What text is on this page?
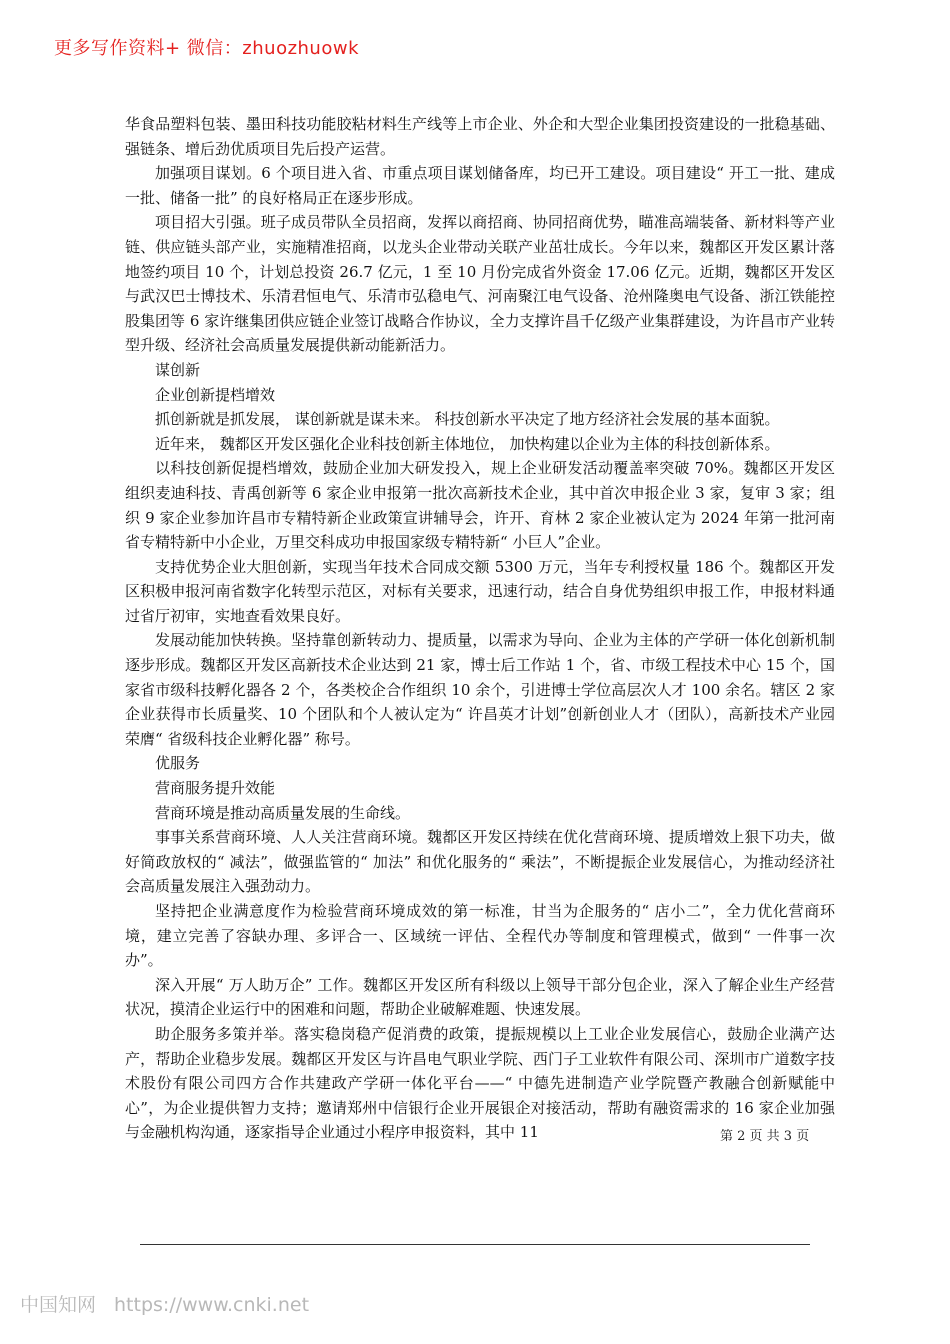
更多写作资料+ 微信：zhuozhuowk

华食品塑料包装、墨田科技功能胶粘材料生产线等上市企业、外企和大型企业集团投资建设的一批稳基础、强链条、增后劲优质项目先后投产运营。

加强项目谋划。6 个项目进入省、市重点项目谋划储备库，均已开工建设。项目建设“ 开工一批、建成一批、储备一批” 的良好格局正在逐步形成。

项目招大引强。班子成员带队全员招商，发挥以商招商、协同招商优势，瞄准高端装备、新材料等产业链、供应链头部产业，实施精准招商，以龙头企业带动关联产业茁壮成长。今年以来，魏都区开发区累计落地签约项目 10 个，计划总投资 26.7 亿元，1 至 10 月份完成省外资金 17.06 亿元。近期，魏都区开发区与武汉巴士博技术、乐清君恒电气、乐清市弘稳电气、河南聚江电气设备、沧州隆奥电气设备、浙江铁能控股集团等 6 家许继集团供应链企业签订战略合作协议，全力支撑许昌千亿级产业集群建设，为许昌市产业转型升级、经济社会高质量发展提供新动能新活力。

谋创新

企业创新提档增效

抓创新就是抓发展， 谋创新就是谋未来。 科技创新水平决定了地方经济社会发展的基本面貌。

近年来， 魏都区开发区强化企业科技创新主体地位， 加快构建以企业为主体的科技创新体系。

以科技创新促提档增效，鼓励企业加大研发投入，规上企业研发活动覆盖率突破 70%。魏都区开发区组织麦迪科技、青禹创新等 6 家企业申报第一批次高新技术企业，其中首次申报企业 3 家，复审 3 家；组织 9 家企业参加许昌市专精特新企业政策宣讲辅导会，许开、育林 2 家企业被认定为 2024 年第一批河南省专精特新中小企业，万里交科成功申报国家级专精特新“ 小巨人”企业。

支持优势企业大胆创新，实现当年技术合同成交额 5300 万元，当年专利授权量 186 个。魏都区开发区积极申报河南省数字化转型示范区，对标有关要求，迅速行动，结合自身优势组织申报工作，申报材料通过省厅初审，实地查看效果良好。

发展动能加快转换。坚持靠创新转动力、提质量，以需求为导向、企业为主体的产学研一体化创新机制逐步形成。魏都区开发区高新技术企业达到 21 家，博士后工作站 1 个，省、市级工程技术中心 15 个，国家省市级科技孵化器各 2 个，各类校企合作组织 10 余个，引进博士学位高层次人才 100 余名。辖区 2 家企业获得市长质量奖、10 个团队和个人被认定为“ 许昌英才计划”创新创业人才（团队），高新技术产业园荣膺“ 省级科技企业孵化器” 称号。

优服务

营商服务提升效能

营商环境是推动高质量发展的生命线。

事事关系营商环境、人人关注营商环境。魏都区开发区持续在优化营商环境、提质增效上狠下功夫，做好简政放权的“ 减法”，做强监管的“ 加法” 和优化服务的“ 乘法”，不断提振企业发展信心，为推动经济社会高质量发展注入强劲动力。

坚持把企业满意度作为检验营商环境成效的第一标准，甘当为企服务的“ 店小二”，全力优化营商环境，建立完善了容缺办理、多评合一、区域统一评估、全程代办等制度和管理模式，做到“ 一件事一次办”。

深入开展“ 万人助万企” 工作。魏都区开发区所有科级以上领导干部分包企业，深入了解企业生产经营状况，摸清企业运行中的困难和问题，帮助企业破解难题、快速发展。

助企服务多策并举。落实稳岗稳产促消费的政策，提振规模以上工业企业发展信心，鼓励企业满产达产，帮助企业稳步发展。魏都区开发区与许昌电气职业学院、西门子工业软件有限公司、深圳市广道数字技术股份有限公司四方合作共建政产学研一体化平台——“ 中德先进制造产业学院暨产教融合创新赋能中心”，为企业提供智力支持；邀请郑州中信银行企业开展银企对接活动，帮助有融资需求的 16 家企业加强与金融机构沟通，逐家指导企业通过小程序申报资料，其中 11	第 2 页 共 3 页
中国知网 https://www.cnki.net
